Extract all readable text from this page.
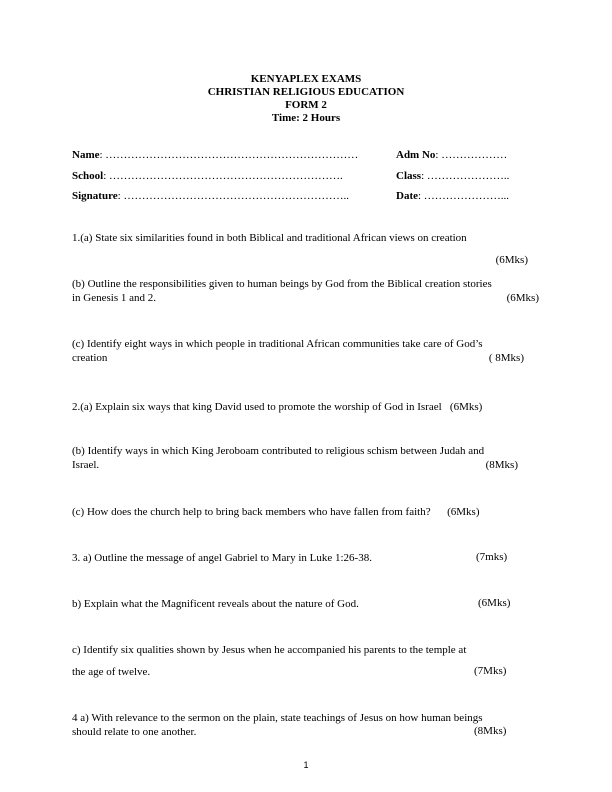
KENYAPLEX EXAMS
CHRISTIAN RELIGIOUS EDUCATION
FORM 2
Time: 2 Hours
Name: ……………………………………………………………	Adm No: ………………
School: ……………………………………………………….	Class: …………………..
Signature: ……………………………………………………..	Date: …………………...
1.(a) State six similarities found in both Biblical and traditional African views on creation
(6Mks)
(b) Outline the responsibilities given to human beings by God from the Biblical creation stories
in Genesis 1 and 2.	(6Mks)
(c) Identify eight ways in which people in traditional African communities take care of God’s
creation	( 8Mks)
2.(a) Explain six ways that king David used to promote the worship of God in Israel (6Mks)
(b) Identify ways in which King Jeroboam contributed to religious schism between Judah and
Israel.	(8Mks)
(c) How does the church help to bring back members who have fallen from faith? (6Mks)
3. a) Outline the message of angel Gabriel to Mary in Luke 1:26-38.	(7mks)
b) Explain what the Magnificent reveals about the nature of God.	(6Mks)
c) Identify six qualities shown by Jesus when he accompanied his parents to the temple at
the age of twelve.	(7Mks)
4 a) With relevance to the sermon on the plain, state teachings of Jesus on how human beings
should relate to one another.	(8Mks)
1
